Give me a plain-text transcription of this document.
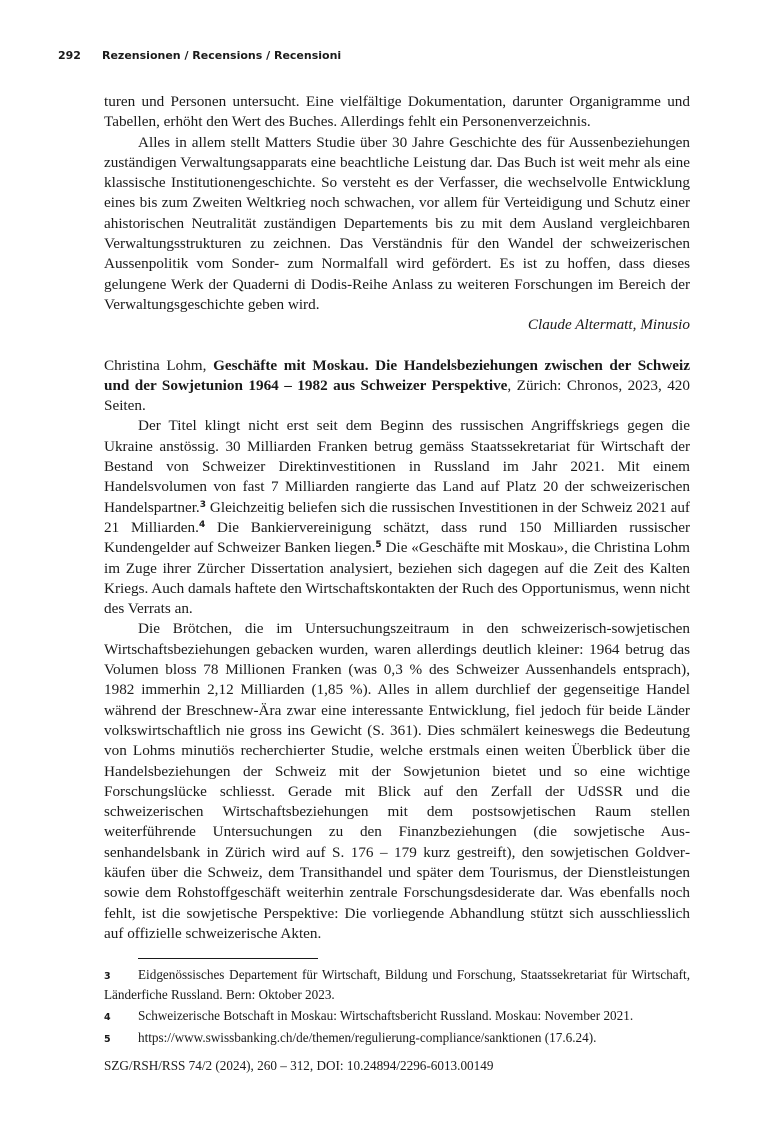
292 Rezensionen / Recensions / Recensioni

turen und Personen untersucht. Eine vielfältige Dokumentation, darunter Organigramme und Tabellen, erhöht den Wert des Buches. Allerdings fehlt ein Personenverzeichnis.

Alles in allem stellt Matters Studie über 30 Jahre Geschichte des für Aussenbeziehungen zuständigen Verwaltungsapparats eine beachtliche Leistung dar. Das Buch ist weit mehr als eine klassische Institutionengeschichte. So versteht es der Verfasser, die wechselvolle Entwicklung eines bis zum Zweiten Weltkrieg noch schwachen, vor allem für Verteidigung und Schutz einer ahistorischen Neutralität zuständigen Departements bis zu mit dem Ausland vergleichbaren Verwaltungsstrukturen zu zeichnen. Das Verständnis für den Wandel der schweizerischen Aussenpolitik vom Sonder- zum Normalfall wird gefördert. Es ist zu hoffen, dass dieses gelungene Werk der Quaderni di Dodis-Reihe Anlass zu weiteren Forschungen im Bereich der Verwaltungsgeschichte geben wird.

Claude Altermatt, Minusio

Christina Lohm, Geschäfte mit Moskau. Die Handelsbeziehungen zwischen der Schweiz und der Sowjetunion 1964 – 1982 aus Schweizer Perspektive, Zürich: Chronos, 2023, 420 Seiten.

Der Titel klingt nicht erst seit dem Beginn des russischen Angriffskriegs gegen die Ukraine anstössig. 30 Milliarden Franken betrug gemäss Staatssekretariat für Wirtschaft der Bestand von Schweizer Direktinvestitionen in Russland im Jahr 2021. Mit einem Handelsvolumen von fast 7 Milliarden rangierte das Land auf Platz 20 der schweizerischen Handelspartner.$^3$ Gleichzeitig beliefen sich die russischen Investitionen in der Schweiz 2021 auf 21 Milliarden.$^4$ Die Bankiervereinigung schätzt, dass rund 150 Milliarden russischer Kundengelder auf Schweizer Banken liegen.$^5$ Die «Geschäfte mit Moskau», die Christina Lohm im Zuge ihrer Zürcher Dissertation analysiert, beziehen sich dagegen auf die Zeit des Kalten Kriegs. Auch damals haftete den Wirtschaftskontakten der Ruch des Opportunismus, wenn nicht des Verrats an.

Die Brötchen, die im Untersuchungszeitraum in den schweizerisch-sowjetischen Wirtschaftsbeziehungen gebacken wurden, waren allerdings deutlich kleiner: 1964 betrug das Volumen bloss 78 Millionen Franken (was 0,3 % des Schweizer Aussenhandels entsprach), 1982 immerhin 2,12 Milliarden (1,85 %). Alles in allem durchlief der gegenseitige Handel während der Breschnew-Ära zwar eine interessante Entwicklung, fiel jedoch für beide Länder volkswirtschaftlich nie gross ins Gewicht (S. 361). Dies schmälert keineswegs die Bedeutung von Lohms minutiös recherchierter Studie, welche erstmals einen weiten Überblick über die Handelsbeziehungen der Schweiz mit der Sowjetunion bietet und so eine wichtige Forschungslücke schliesst. Gerade mit Blick auf den Zerfall der UdSSR und die schweizerischen Wirtschaftsbeziehungen mit dem postsowjetischen Raum stellen weiterführende Untersuchungen zu den Finanzbeziehungen (die sowjetische Aussenhandelsbank in Zürich wird auf S. 176 – 179 kurz gestreift), den sowjetischen Goldverkäufen über die Schweiz, dem Transithandel und später dem Tourismus, der Dienstleistungen sowie dem Rohstoffgeschäft weiterhin zentrale Forschungsdesiderate dar. Was ebenfalls noch fehlt, ist die sowjetische Perspektive: Die vorliegende Abhandlung stützt sich ausschliesslich auf offizielle schweizerische Akten.

3 Eidgenössisches Departement für Wirtschaft, Bildung und Forschung, Staatssekretariat für Wirtschaft, Länderfiche Russland. Bern: Oktober 2023.

4 Schweizerische Botschaft in Moskau: Wirtschaftsbericht Russland. Moskau: November 2021.

5 https://www.swissbanking.ch/de/themen/regulierung-compliance/sanktionen (17.6.24).

SZG/RSH/RSS 74/2 (2024), 260 – 312, DOI: 10.24894/2296-6013.00149
